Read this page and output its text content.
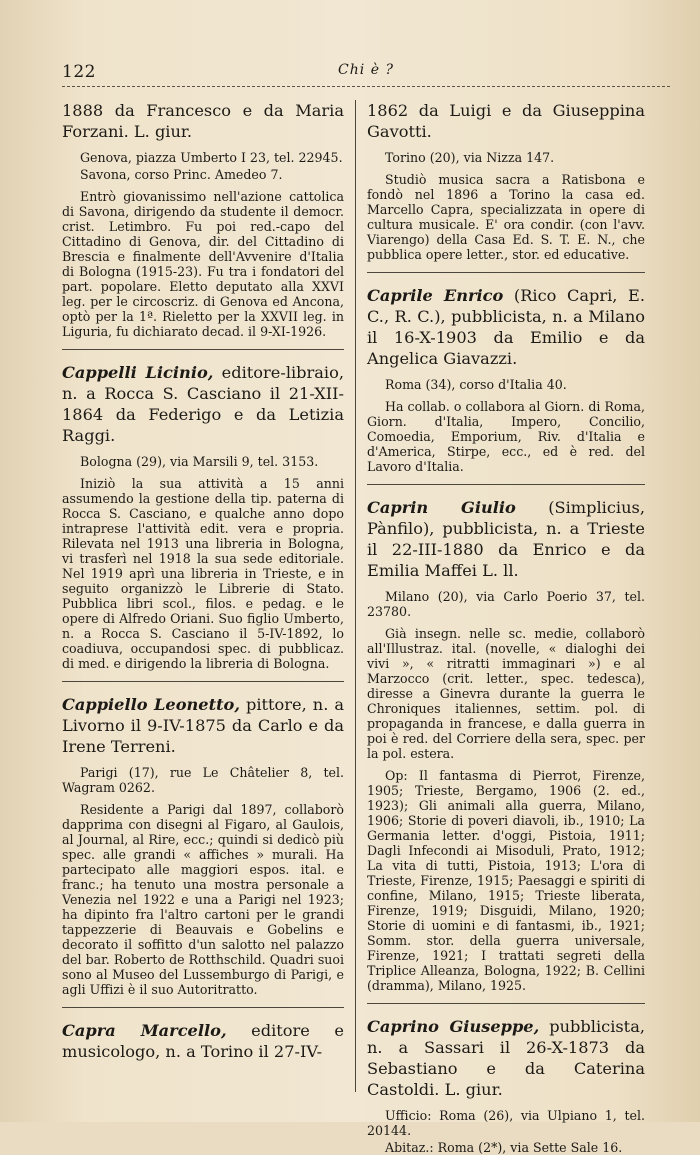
122	Chi è ?

1888 da Francesco e da Maria Forzani. L. giur.

Genova, piazza Umberto I 23, tel. 22945.

Savona, corso Princ. Amedeo 7.

Entrò giovanissimo nell'azione cattolica di Savona, dirigendo da studente il democr. crist. Letimbro. Fu poi red.-capo del Cittadino di Genova, dir. del Cittadino di Brescia e finalmente dell'Avvenire d'Italia di Bologna (1915-23). Fu tra i fondatori del part. popolare. Eletto deputato alla XXVI leg. per le circoscriz. di Genova ed Ancona, optò per la 1ª. Rieletto per la XXVII leg. in Liguria, fu dichiarato decad. il 9-XI-1926.

Cappelli Licinio, editore-libraio, n. a Rocca S. Casciano il 21-XII-1864 da Federigo e da Letizia Raggi.

Bologna (29), via Marsili 9, tel. 3153.

Iniziò la sua attività a 15 anni assumendo la gestione della tip. paterna di Rocca S. Casciano, e qualche anno dopo intraprese l'attività edit. vera e propria. Rilevata nel 1913 una libreria in Bologna, vi trasferì nel 1918 la sua sede editoriale. Nel 1919 aprì una libreria in Trieste, e in seguito organizzò le Librerie di Stato. Pubblica libri scol., filos. e pedag. e le opere di Alfredo Oriani. Suo figlio Umberto, n. a Rocca S. Casciano il 5-IV-1892, lo coadiuva, occupandosi spec. di pubblicaz. di med. e dirigendo la libreria di Bologna.

Cappiello Leonetto, pittore, n. a Livorno il 9-IV-1875 da Carlo e da Irene Terreni.

Parigi (17), rue Le Châtelier 8, tel. Wagram 0262.

Residente a Parigi dal 1897, collaborò dapprima con disegni al Figaro, al Gaulois, al Journal, al Rire, ecc.; quindi si dedicò più spec. alle grandi « affiches » murali. Ha partecipato alle maggiori espos. ital. e franc.; ha tenuto una mostra personale a Venezia nel 1922 e una a Parigi nel 1923; ha dipinto fra l'altro cartoni per le grandi tappezzerie di Beauvais e Gobelins e decorato il soffitto d'un salotto nel palazzo del bar. Roberto de Rotthschild. Quadri suoi sono al Museo del Lussemburgo di Parigi, e agli Uffizi è il suo Autoritratto.

Capra Marcello, editore e musicologo, n. a Torino il 27-IV-

1862 da Luigi e da Giuseppina Gavotti.

Torino (20), via Nizza 147.

Studiò musica sacra a Ratisbona e fondò nel 1896 a Torino la casa ed. Marcello Capra, specializzata in opere di cultura musicale. E' ora condir. (con l'avv. Viarengo) della Casa Ed. S. T. E. N., che pubblica opere letter., stor. ed educative.

Caprile Enrico (Rico Capri, E. C., R. C.), pubblicista, n. a Milano il 16-X-1903 da Emilio e da Angelica Giavazzi.

Roma (34), corso d'Italia 40.

Ha collab. o collabora al Giorn. di Roma, Giorn. d'Italia, Impero, Concilio, Comoedia, Emporium, Riv. d'Italia e d'America, Stirpe, ecc., ed è red. del Lavoro d'Italia.

Caprin Giulio (Simplicius, Pànfilo), pubblicista, n. a Trieste il 22-III-1880 da Enrico e da Emilia Maffei L. ll.

Milano (20), via Carlo Poerio 37, tel. 23780.

Già insegn. nelle sc. medie, collaborò all'Illustraz. ital. (novelle, « dialoghi dei vivi », « ritratti immaginari ») e al Marzocco (crit. letter., spec. tedesca), diresse a Ginevra durante la guerra le Chroniques italiennes, settim. pol. di propaganda in francese, e dalla guerra in poi è red. del Corriere della sera, spec. per la pol. estera.

Op: Il fantasma di Pierrot, Firenze, 1905; Trieste, Bergamo, 1906 (2. ed., 1923); Gli animali alla guerra, Milano, 1906; Storie di poveri diavoli, ib., 1910; La Germania letter. d'oggi, Pistoia, 1911; Dagli Infecondi ai Misoduli, Prato, 1912; La vita di tutti, Pistoia, 1913; L'ora di Trieste, Firenze, 1915; Paesaggi e spiriti di confine, Milano, 1915; Trieste liberata, Firenze, 1919; Disguidi, Milano, 1920; Storie di uomini e di fantasmi, ib., 1921; Somm. stor. della guerra universale, Firenze, 1921; I trattati segreti della Triplice Alleanza, Bologna, 1922; B. Cellini (dramma), Milano, 1925.

Caprino Giuseppe, pubblicista, n. a Sassari il 26-X-1873 da Sebastiano e da Caterina Castoldi. L. giur.

Ufficio: Roma (26), via Ulpiano 1, tel. 20144.

Abitaz.: Roma (2*), via Sette Sale 16.
